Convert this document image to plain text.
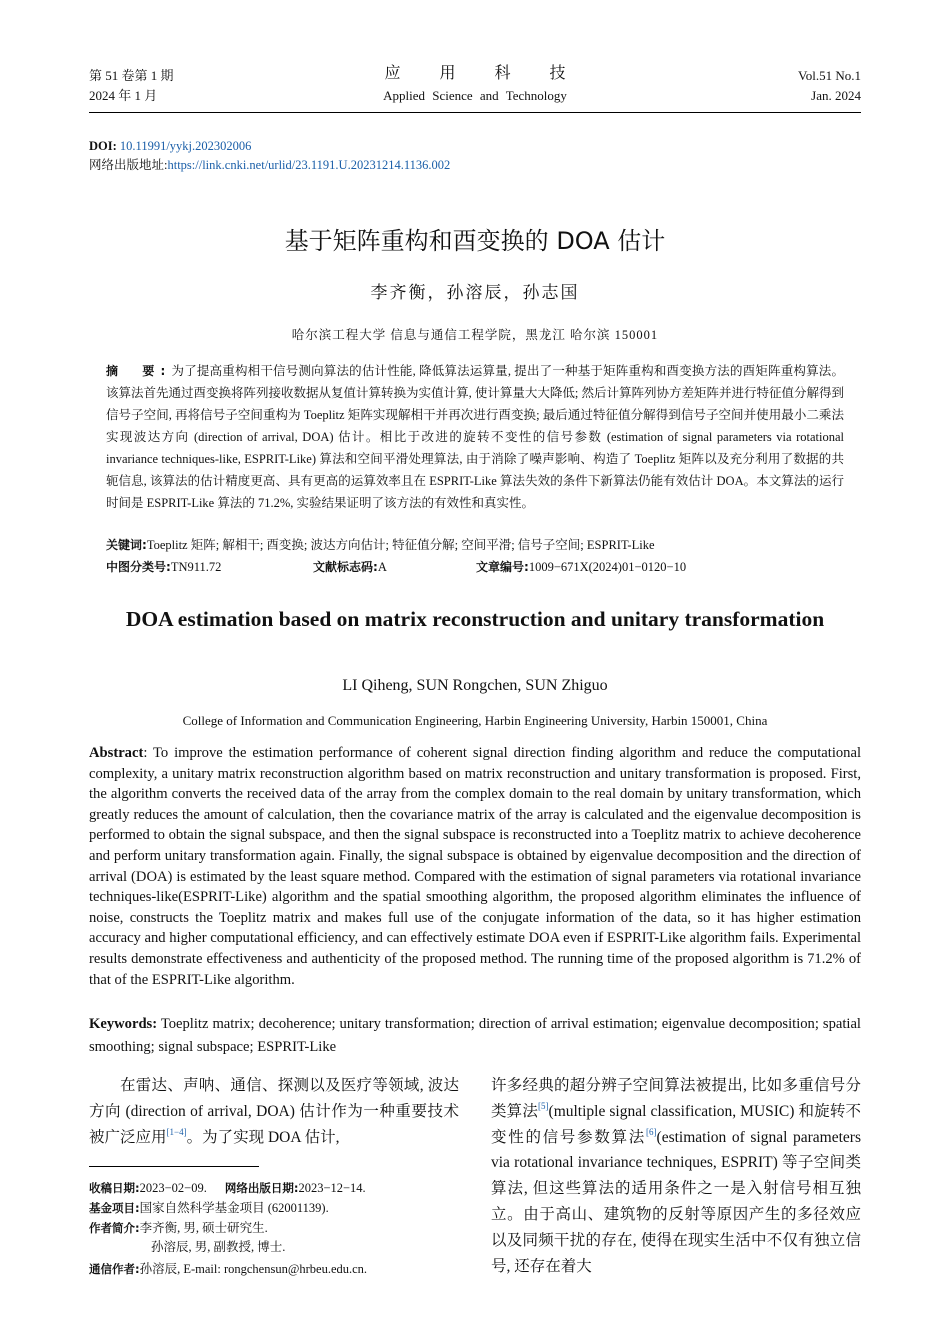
第 51 卷第 1 期
2024 年 1 月
应用科技
Applied Science and Technology
Vol.51 No.1
Jan. 2024
DOI: 10.11991/yykj.202302006
网络出版地址:https://link.cnki.net/urlid/23.1191.U.20231214.1136.002
基于矩阵重构和酉变换的 DOA 估计
李齐衡，孙溶辰，孙志国
哈尔滨工程大学 信息与通信工程学院，黑龙江 哈尔滨 150001
摘　要:为了提高重构相干信号测向算法的估计性能, 降低算法运算量, 提出了一种基于矩阵重构和酉变换方法的酉矩阵重构算法。该算法首先通过酉变换将阵列接收数据从复值计算转换为实值计算, 使计算量大大降低; 然后计算阵列协方差矩阵并进行特征值分解得到信号子空间, 再将信号子空间重构为 Toeplitz 矩阵实现解相干并再次进行酉变换; 最后通过特征值分解得到信号子空间并使用最小二乘法实现波达方向 (direction of arrival, DOA) 估计。相比于改进的旋转不变性的信号参数 (estimation of signal parameters via rotational invariance techniques-like, ESPRIT-Like) 算法和空间平滑处理算法, 由于消除了噪声影响、构造了 Toeplitz 矩阵以及充分利用了数据的共轭信息, 该算法的估计精度更高、具有更高的运算效率且在 ESPRIT-Like 算法失效的条件下新算法仍能有效估计 DOA。本文算法的运行时间是 ESPRIT-Like 算法的 71.2%, 实验结果证明了该方法的有效性和真实性。
关键词:Toeplitz 矩阵; 解相干; 酉变换; 波达方向估计; 特征值分解; 空间平滑; 信号子空间; ESPRIT-Like
中图分类号:TN911.72	文献标志码:A	文章编号:1009−671X(2024)01−0120−10
DOA estimation based on matrix reconstruction and unitary transformation
LI Qiheng, SUN Rongchen, SUN Zhiguo
College of Information and Communication Engineering, Harbin Engineering University, Harbin 150001, China
Abstract: To improve the estimation performance of coherent signal direction finding algorithm and reduce the computational complexity, a unitary matrix reconstruction algorithm based on matrix reconstruction and unitary transformation is proposed. First, the algorithm converts the received data of the array from the complex domain to the real domain by unitary transformation, which greatly reduces the amount of calculation, then the covariance matrix of the array is calculated and the eigenvalue decomposition is performed to obtain the signal subspace, and then the signal subspace is reconstructed into a Toeplitz matrix to achieve decoherence and perform unitary transformation again. Finally, the signal subspace is obtained by eigenvalue decomposition and the direction of arrival (DOA) is estimated by the least square method. Compared with the estimation of signal parameters via rotational invariance techniques-like(ESPRIT-Like) algorithm and the spatial smoothing algorithm, the proposed algorithm eliminates the influence of noise, constructs the Toeplitz matrix and makes full use of the conjugate information of the data, so it has higher estimation accuracy and higher computational efficiency, and can effectively estimate DOA even if ESPRIT-Like algorithm fails. Experimental results demonstrate effectiveness and authenticity of the proposed method. The running time of the proposed algorithm is 71.2% of that of the ESPRIT-Like algorithm.
Keywords: Toeplitz matrix; decoherence; unitary transformation; direction of arrival estimation; eigenvalue decomposition; spatial smoothing; signal subspace; ESPRIT-Like
在雷达、声呐、通信、探测以及医疗等领域, 波达方向 (direction of arrival, DOA) 估计作为一种重要技术被广泛应用[1−4]。为了实现 DOA 估计,
许多经典的超分辨子空间算法被提出, 比如多重信号分类算法[5](multiple signal classification, MUSIC) 和旋转不变性的信号参数算法[6](estimation of signal parameters via rotational invariance techniques, ESPRIT) 等子空间类算法, 但这些算法的适用条件之一是入射信号相互独立。由于高山、建筑物的反射等原因产生的多径效应以及同频干扰的存在, 使得在现实生活中不仅有独立信号, 还存在着大
收稿日期:2023−02−09. 网络出版日期:2023−12−14.
基金项目:国家自然科学基金项目 (62001139).
作者简介:李齐衡, 男, 硕士研究生.
孙溶辰, 男, 副教授, 博士.
通信作者:孙溶辰, E-mail: rongchensun@hrbeu.edu.cn.
